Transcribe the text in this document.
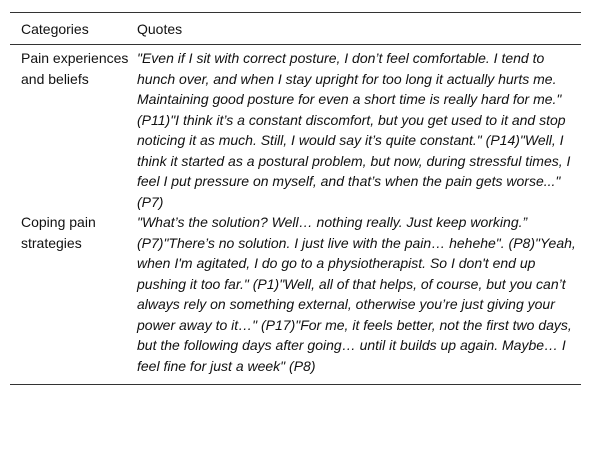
Categories	Quotes
Pain experiences and beliefs
"Even if I sit with correct posture, I don’t feel comfortable. I tend to hunch over, and when I stay upright for too long it actually hurts me. Maintaining good posture for even a short time is really hard for me." (P11)"I think it’s a constant discomfort, but you get used to it and stop noticing it as much. Still, I would say it’s quite constant." (P14)"Well, I think it started as a postural problem, but now, during stressful times, I feel I put pressure on myself, and that’s when the pain gets worse..." (P7)
Coping pain strategies
"What’s the solution? Well… nothing really. Just keep working.” (P7)"There’s no solution. I just live with the pain… hehehe". (P8)"Yeah, when I'm agitated, I do go to a physiotherapist. So I don't end up pushing it too far." (P1)"Well, all of that helps, of course, but you can’t always rely on something external, otherwise you’re just giving your power away to it…" (P17)"For me, it feels better, not the first two days, but the following days after going… until it builds up again. Maybe… I feel fine for just a week" (P8)
